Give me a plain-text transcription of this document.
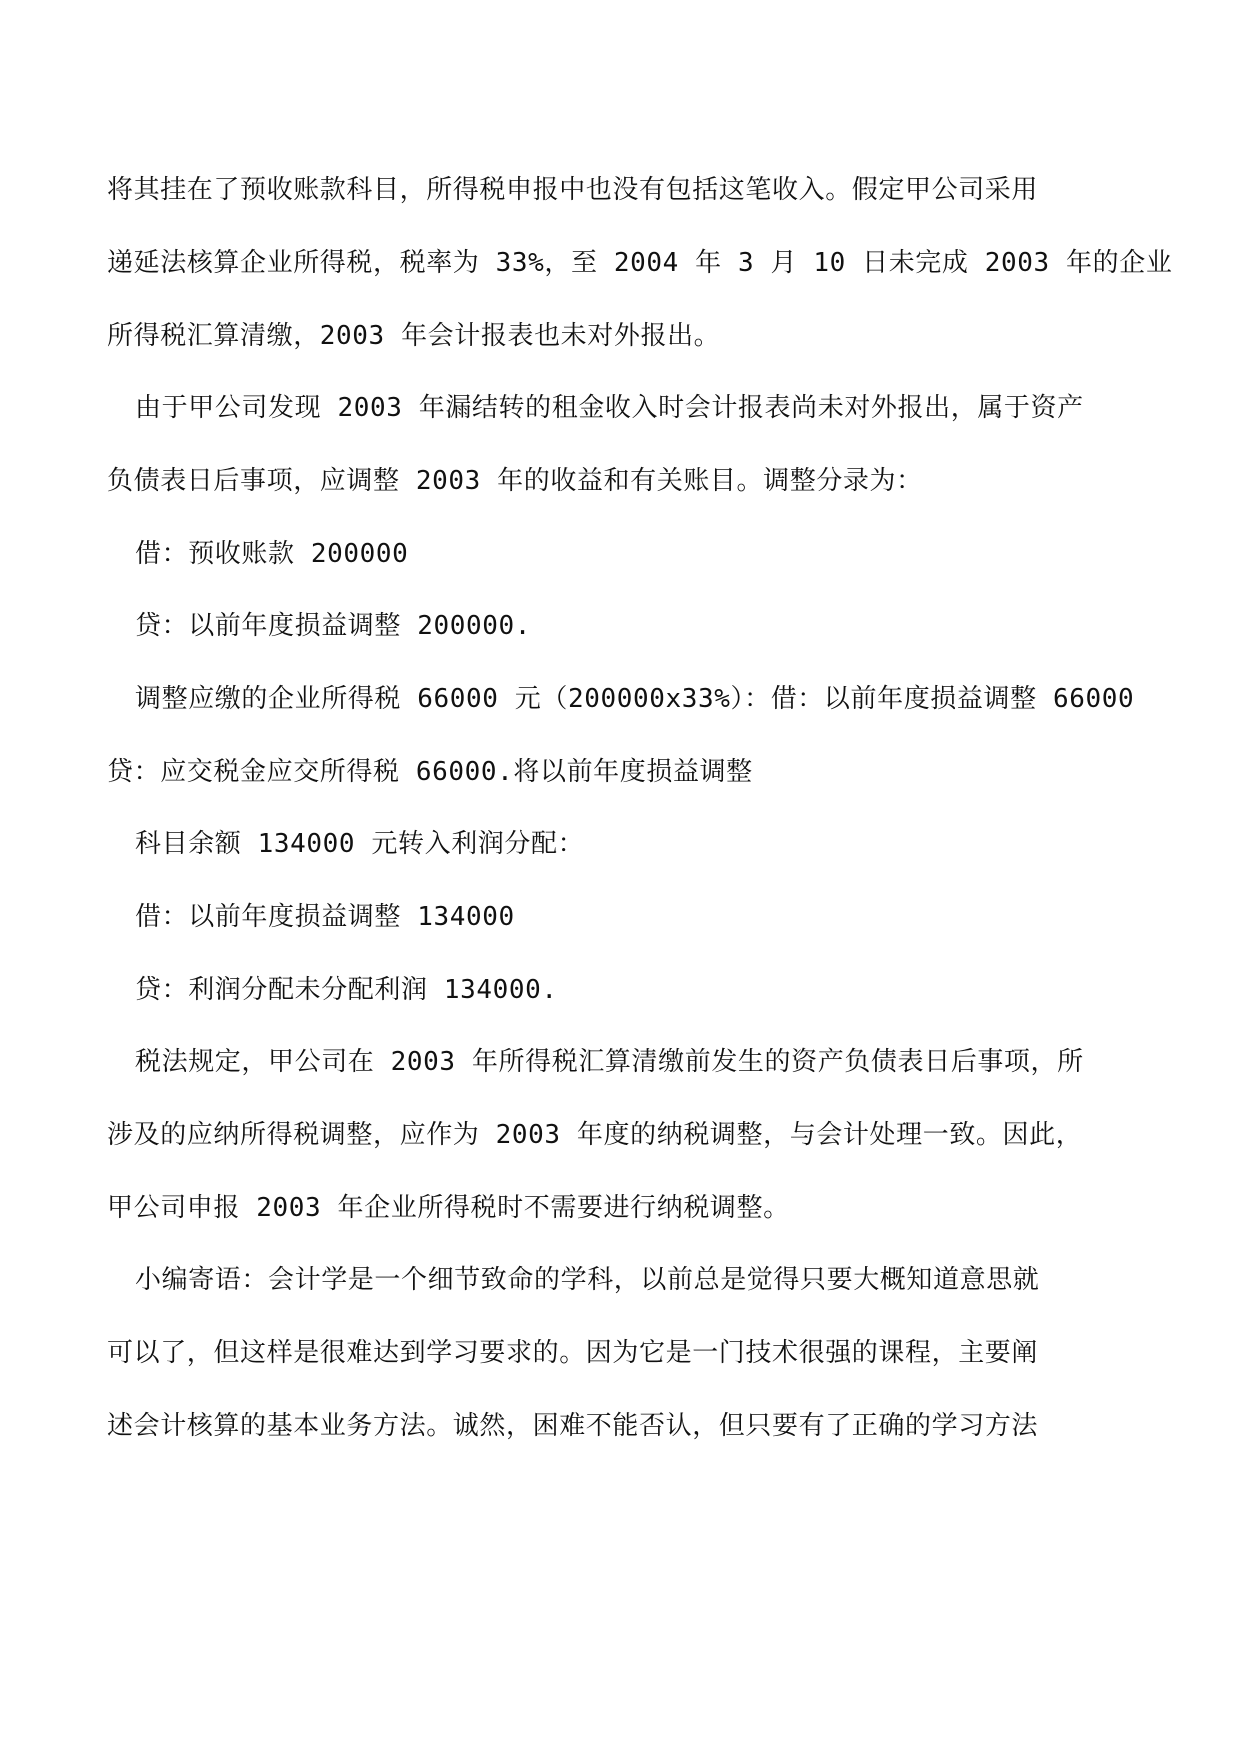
将其挂在了预收账款科目，所得税申报中也没有包括这笔收入。假定甲公司采用
递延法核算企业所得税，税率为 33%，至 2004 年 3 月 10 日未完成 2003 年的企业
所得税汇算清缴，2003 年会计报表也未对外报出。
由于甲公司发现 2003 年漏结转的租金收入时会计报表尚未对外报出，属于资产
负债表日后事项，应调整 2003 年的收益和有关账目。调整分录为：
借：预收账款 200000
贷：以前年度损益调整 200000.
调整应缴的企业所得税 66000 元（200000x33%）：借：以前年度损益调整 66000
贷：应交税金应交所得税 66000.将以前年度损益调整
科目余额 134000 元转入利润分配：
借：以前年度损益调整 134000
贷：利润分配未分配利润 134000.
税法规定，甲公司在 2003 年所得税汇算清缴前发生的资产负债表日后事项，所
涉及的应纳所得税调整，应作为 2003 年度的纳税调整，与会计处理一致。因此，
甲公司申报 2003 年企业所得税时不需要进行纳税调整。
小编寄语：会计学是一个细节致命的学科，以前总是觉得只要大概知道意思就
可以了，但这样是很难达到学习要求的。因为它是一门技术很强的课程，主要阐
述会计核算的基本业务方法。诚然，困难不能否认，但只要有了正确的学习方法
